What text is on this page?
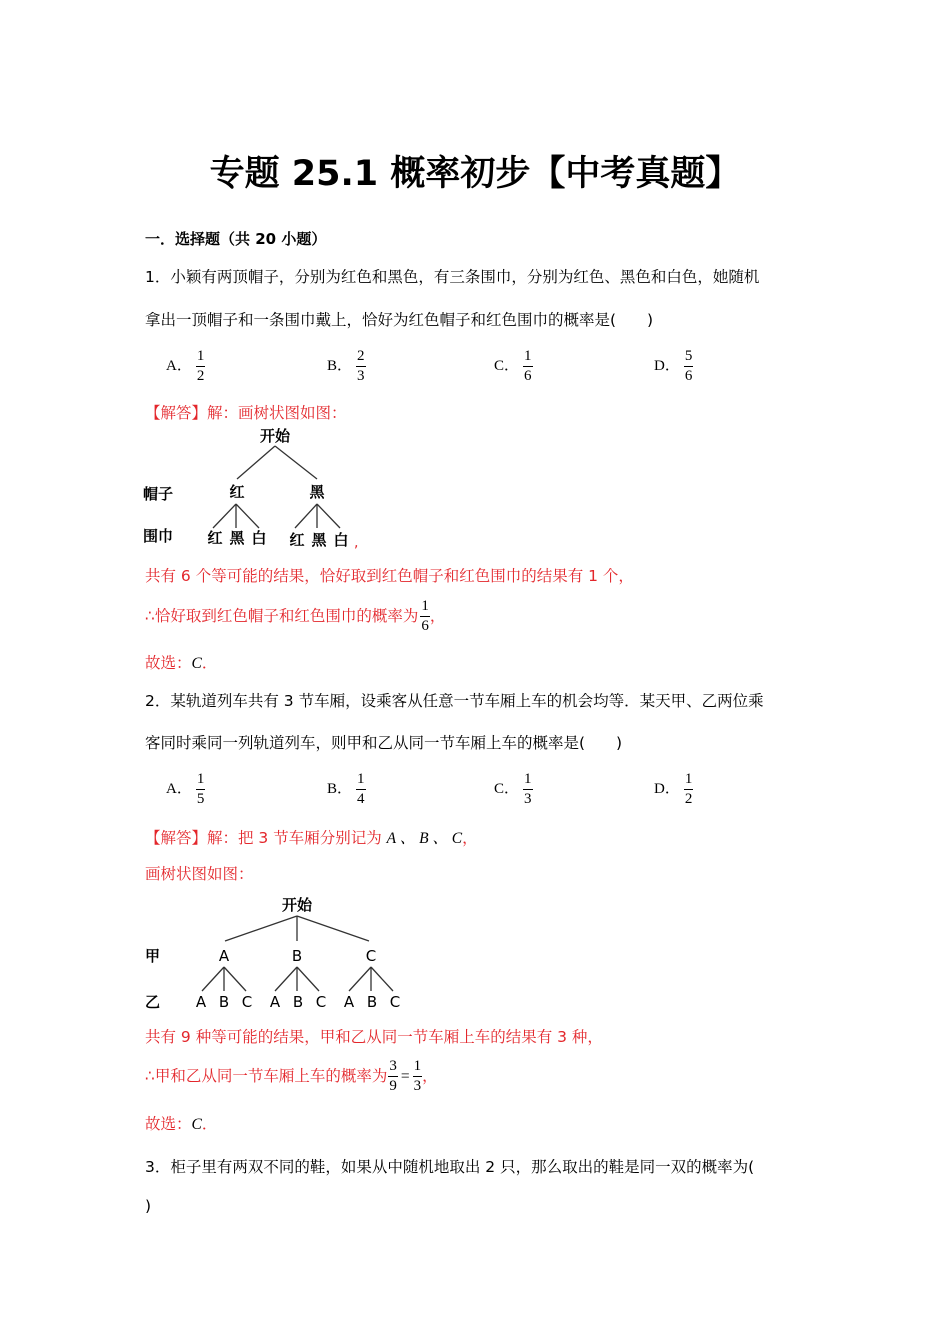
专题 25.1 概率初步【中考真题】
一．选择题（共 20 小题）
1．小颖有两顶帽子，分别为红色和黑色，有三条围巾，分别为红色、黑色和白色，她随机
拿出一顶帽子和一条围巾戴上，恰好为红色帽子和红色围巾的概率是(　　)
A． $\frac{1}{2}$	B． $\frac{2}{3}$	C． $\frac{1}{6}$	D． $\frac{5}{6}$
【解答】解：画树状图如图：
开始
帽子	红	黑
围巾 红 黑 白 红 黑 白 ,
共有 6 个等可能的结果，恰好取到红色帽子和红色围巾的结果有 1 个，
∴恰好取到红色帽子和红色围巾的概率为 $\frac{1}{6}$ ，
故选：C．
2．某轨道列车共有 3 节车厢，设乘客从任意一节车厢上车的机会均等．某天甲、乙两位乘
客同时乘同一列轨道列车，则甲和乙从同一节车厢上车的概率是(　　)
A． $\frac{1}{5}$	B． $\frac{1}{4}$	C． $\frac{1}{3}$	D． $\frac{1}{2}$
【解答】解：把 3 节车厢分别记为 A 、 B 、 C，
画树状图如图：
开始
甲	A	B	C
乙 A B C A B C A B C
共有 9 种等可能的结果，甲和乙从同一节车厢上车的结果有 3 种，
∴甲和乙从同一节车厢上车的概率为 $\frac{3}{9} = \frac{1}{3}$ ，
故选：C．
3．柜子里有两双不同的鞋，如果从中随机地取出 2 只，那么取出的鞋是同一双的概率为(
)
